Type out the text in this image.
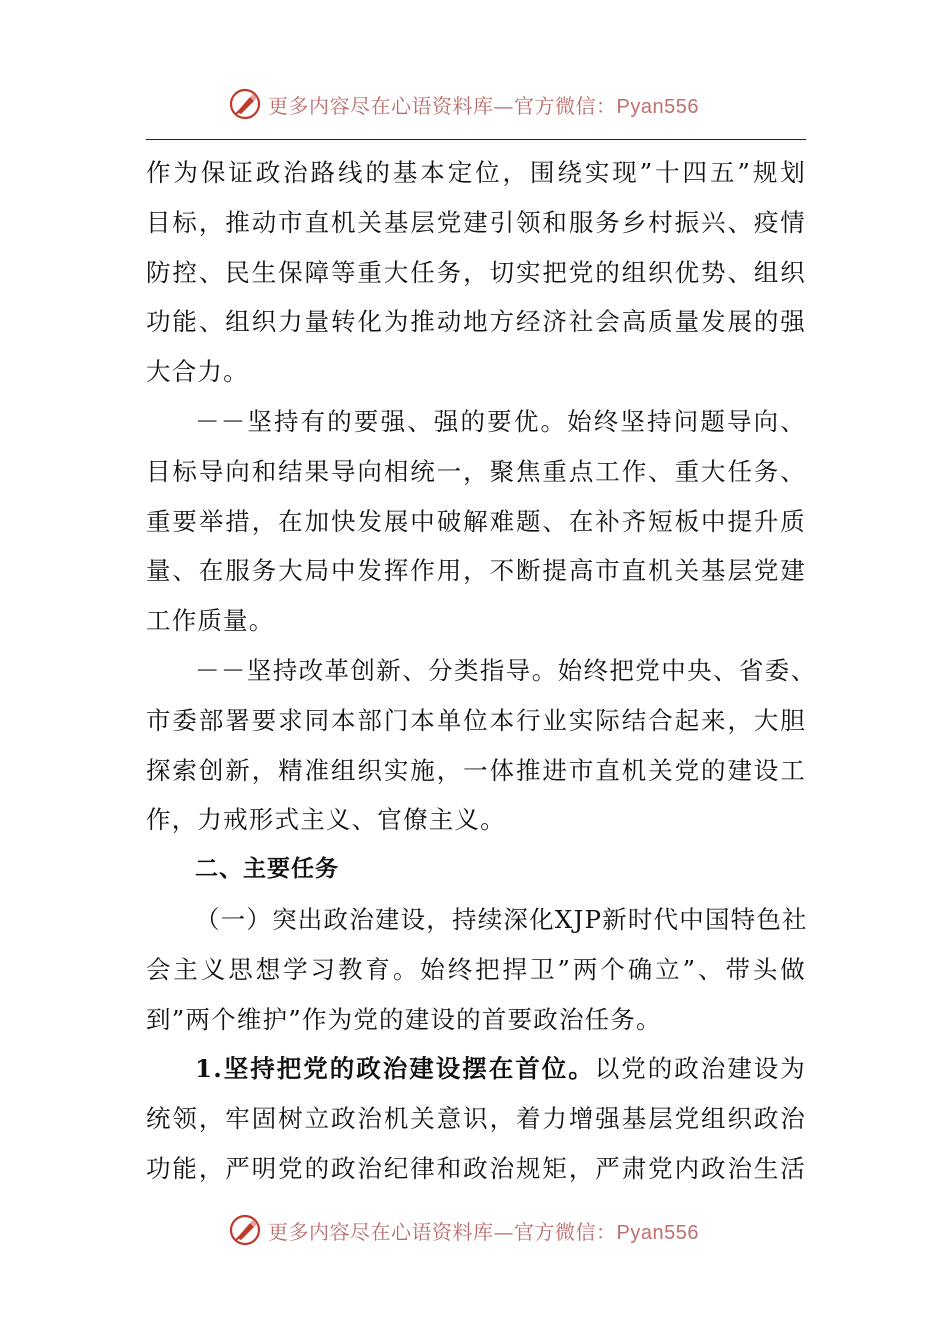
更多内容尽在心语资料库—官方微信：Pyan556
作为保证政治路线的基本定位，围绕实现”十四五”规划
目标，推动市直机关基层党建引领和服务乡村振兴、疫情
防控、民生保障等重大任务，切实把党的组织优势、组织
功能、组织力量转化为推动地方经济社会高质量发展的强
大合力。
－－坚持有的要强、强的要优。始终坚持问题导向、
目标导向和结果导向相统一，聚焦重点工作、重大任务、
重要举措，在加快发展中破解难题、在补齐短板中提升质
量、在服务大局中发挥作用，不断提高市直机关基层党建
工作质量。
－－坚持改革创新、分类指导。始终把党中央、省委、
市委部署要求同本部门本单位本行业实际结合起来，大胆
探索创新，精准组织实施，一体推进市直机关党的建设工
作，力戒形式主义、官僚主义。
二、主要任务
（一）突出政治建设，持续深化XJP新时代中国特色社
会主义思想学习教育。始终把捍卫”两个确立”、带头做
到”两个维护”作为党的建设的首要政治任务。
1.坚持把党的政治建设摆在首位。以党的政治建设为
统领，牢固树立政治机关意识，着力增强基层党组织政治
功能，严明党的政治纪律和政治规矩，严肃党内政治生活
更多内容尽在心语资料库—官方微信：Pyan556
